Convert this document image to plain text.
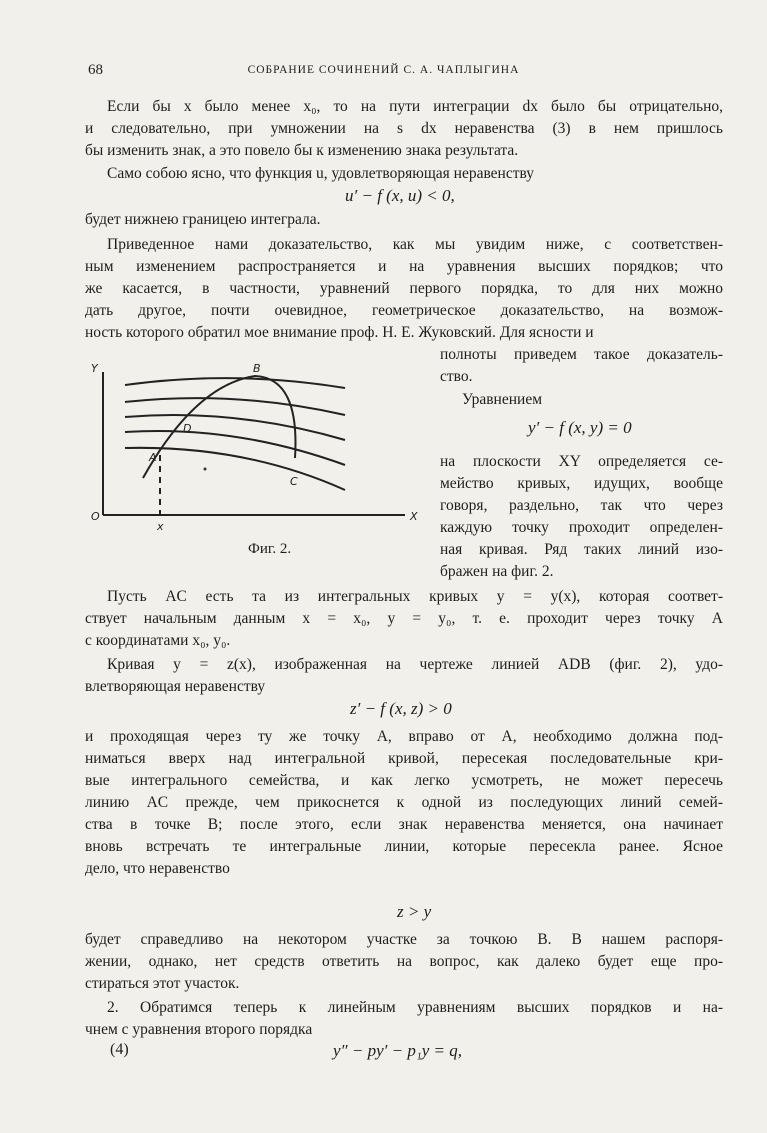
68	СОБРАНИЕ СОЧИНЕНИЙ С. А. ЧАПЛЫГИНА
Если бы x было менее x₀, то на пути интеграции dx было бы отрицательно,
и следовательно, при умножении на s dx неравенства (3) в нем пришлось
бы изменить знак, а это повело бы к изменению знака результата.
Само собою ясно, что функция u, удовлетворяющая неравенству
u′ − f (x, u) < 0,
будет нижнею границею интеграла.
Приведенное нами доказательство, как мы увидим ниже, с соответствен-
ным изменением распространяется и на уравнения высших порядков; что
же касается, в частности, уравнений первого порядка, то для них можно
дать другое, почти очевидное, геометрическое доказательство, на возмож-
ность которого обратил мое внимание проф. Н. Е. Жуковский. Для ясности и
Y
O	X
x
B
D
A
C
Фиг. 2.
полноты приведем такое доказатель-
ство.
Уравнением
y′ − f (x, y) = 0
на плоскости XY определяется се-
мейство кривых, идущих, вообще
говоря, раздельно, так что через
каждую точку проходит определен-
ная кривая. Ряд таких линий изо-
бражен на фиг. 2.
Пусть AC есть та из интегральных кривых y = y(x), которая соответ-
ствует начальным данным x = x₀, y = y₀, т. е. проходит через точку A
с координатами x₀, y₀.
Кривая y = z(x), изображенная на чертеже линией ADB (фиг. 2), удо-
влетворяющая неравенству
z′ − f (x, z) > 0
и проходящая через ту же точку A, вправо от A, необходимо должна под-
ниматься вверх над интегральной кривой, пересекая последовательные кри-
вые интегрального семейства, и как легко усмотреть, не может пересечь
линию AC прежде, чем прикоснется к одной из последующих линий семей-
ства в точке B; после этого, если знак неравенства меняется, она начинает
вновь встречать те интегральные линии, которые пересекла ранее. Ясное
дело, что неравенство
z > y
будет справедливо на некотором участке за точкою B. В нашем распоря-
жении, однако, нет средств ответить на вопрос, как далеко будет еще про-
стираться этот участок.
2. Обратимся теперь к линейным уравнениям высших порядков и на-
чнем с уравнения второго порядка
(4)	y″ − py′ − p₁y = q,
